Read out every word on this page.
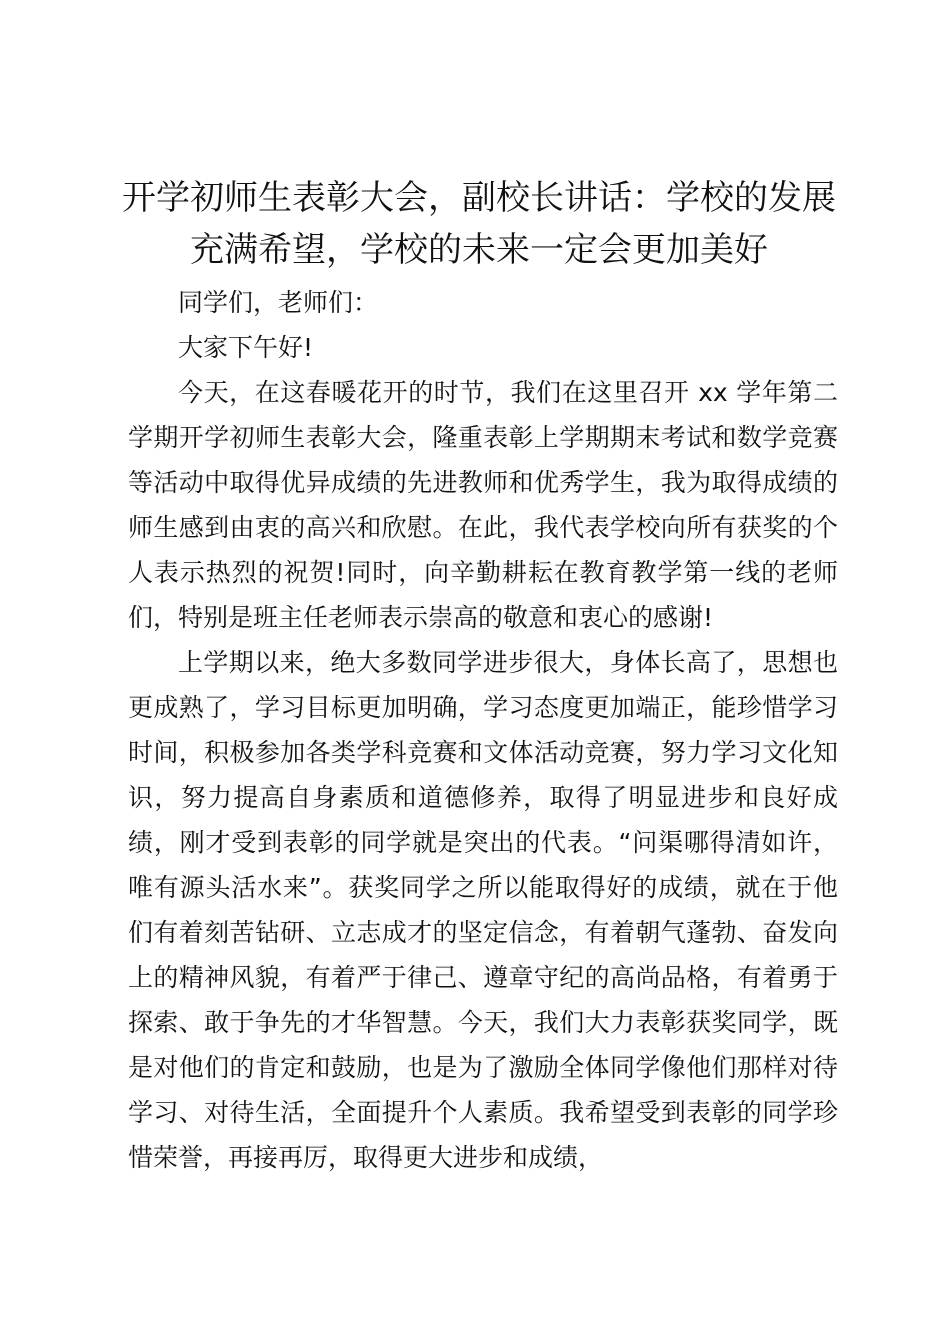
开学初师生表彰大会，副校长讲话：学校的发展充满希望，学校的未来一定会更加美好

同学们，老师们：

大家下午好!

今天，在这春暖花开的时节，我们在这里召开 xx 学年第二学期开学初师生表彰大会，隆重表彰上学期期末考试和数学竞赛等活动中取得优异成绩的先进教师和优秀学生，我为取得成绩的师生感到由衷的高兴和欣慰。在此，我代表学校向所有获奖的个人表示热烈的祝贺!同时，向辛勤耕耘在教育教学第一线的老师们，特别是班主任老师表示崇高的敬意和衷心的感谢!

上学期以来，绝大多数同学进步很大，身体长高了，思想也更成熟了，学习目标更加明确，学习态度更加端正，能珍惜学习时间，积极参加各类学科竞赛和文体活动竞赛，努力学习文化知识，努力提高自身素质和道德修养，取得了明显进步和良好成绩，刚才受到表彰的同学就是突出的代表。“问渠哪得清如许，唯有源头活水来”。获奖同学之所以能取得好的成绩，就在于他们有着刻苦钻研、立志成才的坚定信念，有着朝气蓬勃、奋发向上的精神风貌，有着严于律己、遵章守纪的高尚品格，有着勇于探索、敢于争先的才华智慧。今天，我们大力表彰获奖同学，既是对他们的肯定和鼓励，也是为了激励全体同学像他们那样对待学习、对待生活，全面提升个人素质。我希望受到表彰的同学珍惜荣誉，再接再厉，取得更大进步和成绩，
